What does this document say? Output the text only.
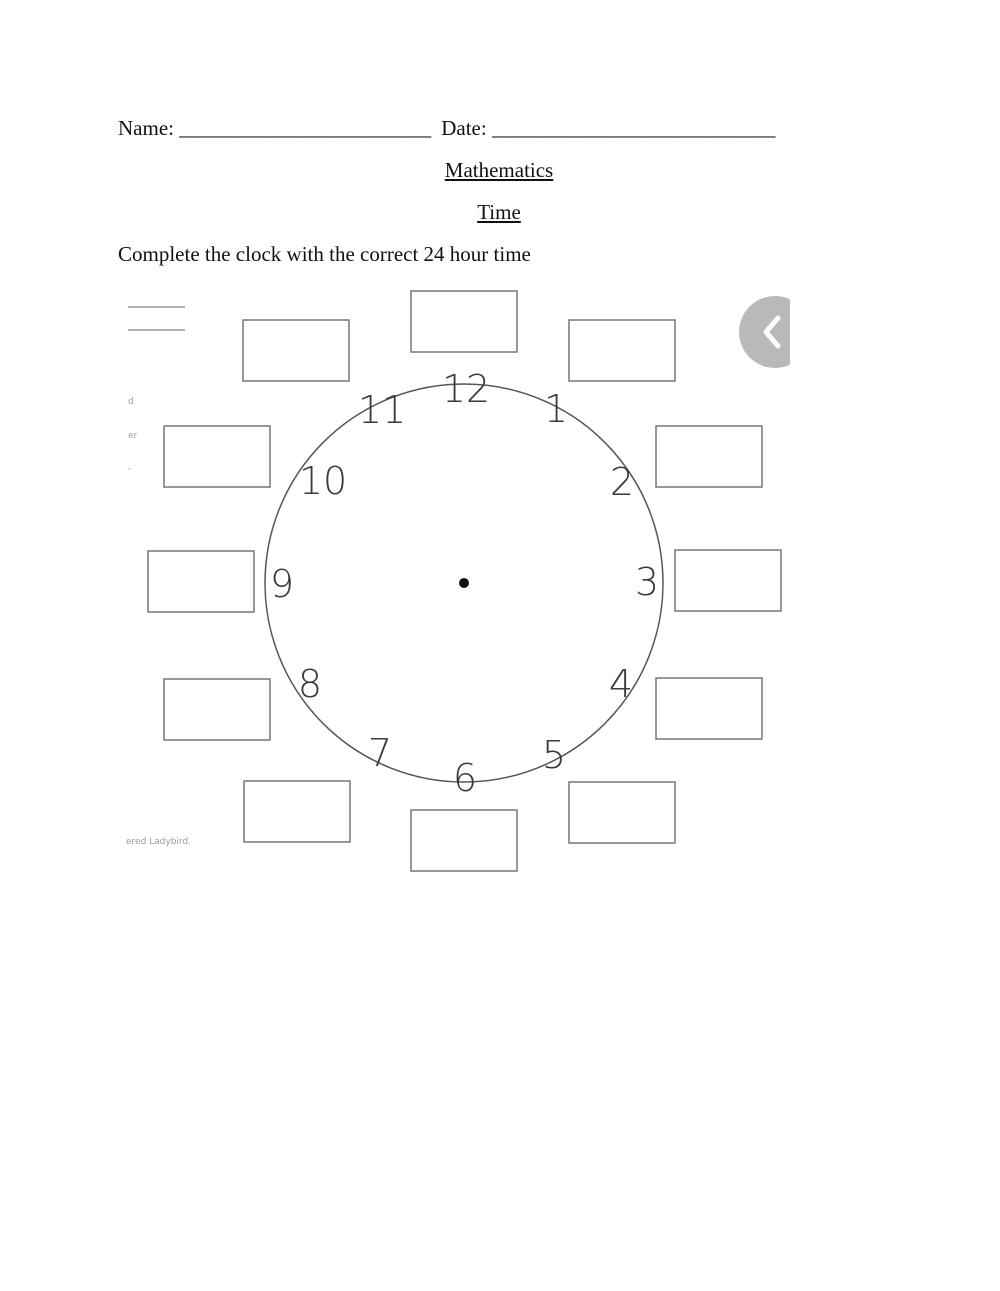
Name: ________________________ Date: ___________________________
Mathematics
Time
Complete the clock with the correct 24 hour time
d
er
-
ered Ladybird.
12 1
2
3
4
5
6
7
8
9
10
11
